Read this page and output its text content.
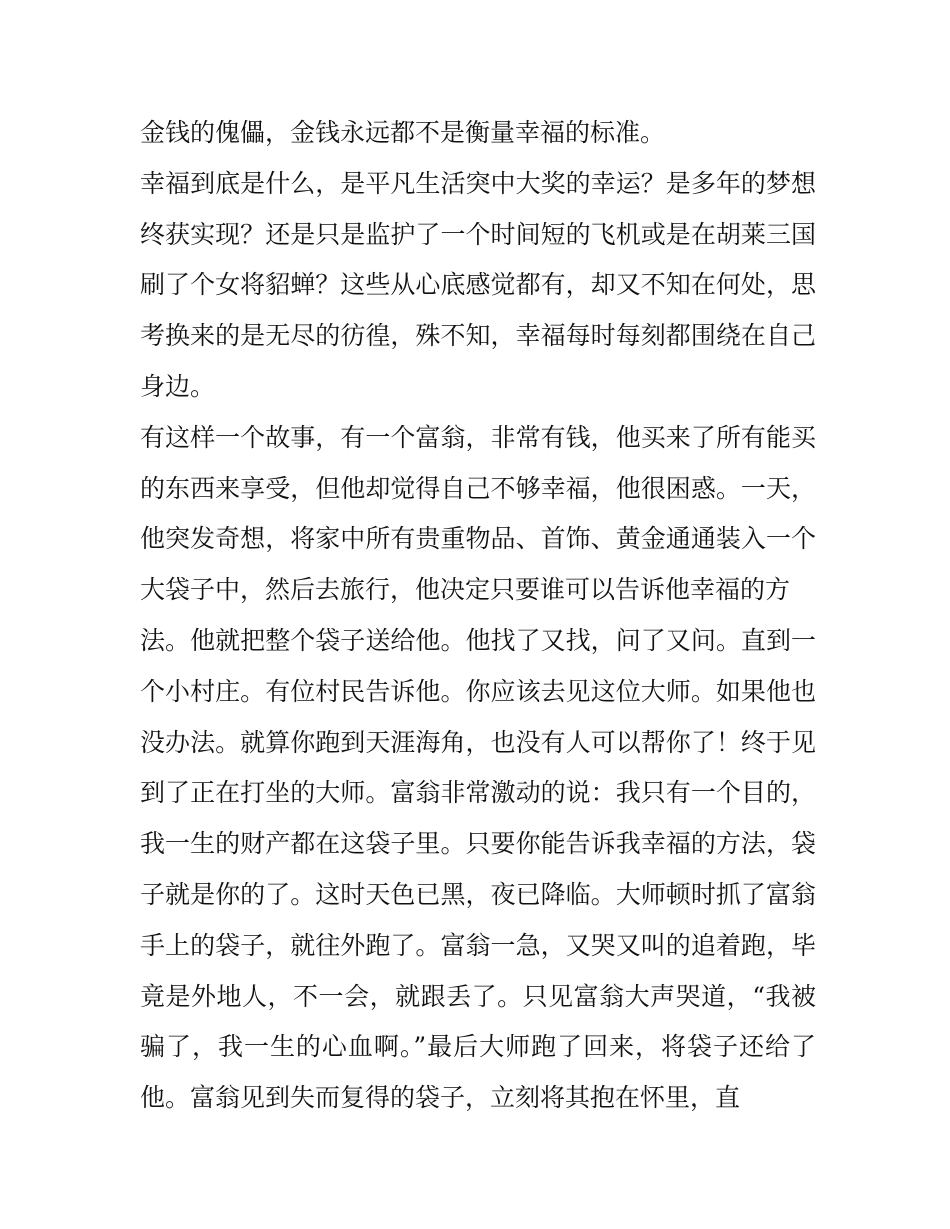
金钱的傀儡，金钱永远都不是衡量幸福的标准。
幸福到底是什么，是平凡生活突中大奖的幸运？是多年的梦想
终获实现？还是只是监护了一个时间短的飞机或是在胡莱三国
刷了个女将貂蝉？这些从心底感觉都有，却又不知在何处，思
考换来的是无尽的彷徨，殊不知，幸福每时每刻都围绕在自己
身边。
有这样一个故事，有一个富翁，非常有钱，他买来了所有能买
的东西来享受，但他却觉得自己不够幸福，他很困惑。一天，
他突发奇想，将家中所有贵重物品、首饰、黄金通通装入一个
大袋子中，然后去旅行，他决定只要谁可以告诉他幸福的方
法。他就把整个袋子送给他。他找了又找，问了又问。直到一
个小村庄。有位村民告诉他。你应该去见这位大师。如果他也
没办法。就算你跑到天涯海角，也没有人可以帮你了！终于见
到了正在打坐的大师。富翁非常激动的说：我只有一个目的，
我一生的财产都在这袋子里。只要你能告诉我幸福的方法，袋
子就是你的了。这时天色已黑，夜已降临。大师顿时抓了富翁
手上的袋子，就往外跑了。富翁一急，又哭又叫的追着跑，毕
竟是外地人，不一会，就跟丢了。只见富翁大声哭道，“我被
骗了，我一生的心血啊。”最后大师跑了回来，将袋子还给了
他。富翁见到失而复得的袋子，立刻将其抱在怀里，直
